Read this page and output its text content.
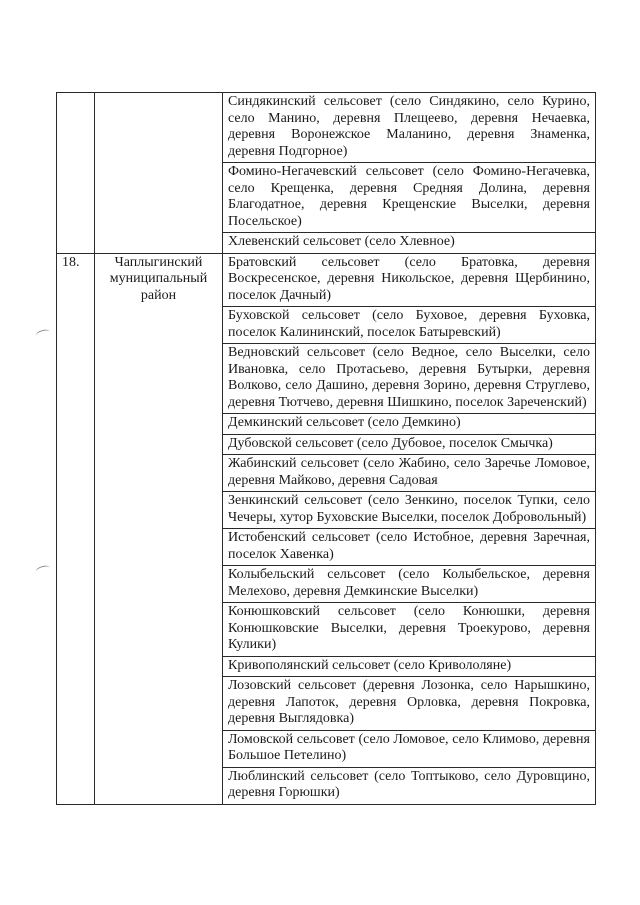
		Синдякинский сельсовет (село Синдякино, село Курино, село Манино, деревня Плещеево, деревня Нечаевка, деревня Воронежское Маланино, деревня Знаменка, деревня Подгорное)
		Фомино-Негачевский сельсовет (село Фомино-Негачевка, село Крещенка, деревня Средняя Долина, деревня Благодатное, деревня Крещенские Выселки, деревня Посельское)
		Хлевенский сельсовет (село Хлевное)
18.	Чаплыгинский муниципальный район	Братовский сельсовет (село Братовка, деревня Воскресенское, деревня Никольское, деревня Щербинино, поселок Дачный)
		Буховской сельсовет (село Буховое, деревня Буховка, поселок Калининский, поселок Батыревский)
		Ведновский сельсовет (село Ведное, село Выселки, село Ивановка, село Протасьево, деревня Бутырки, деревня Волково, село Дашино, деревня Зорино, деревня Струглево, деревня Тютчево, деревня Шишкино, поселок Зареченский)
		Демкинский сельсовет (село Демкино)
		Дубовской сельсовет (село Дубовое, поселок Смычка)
		Жабинский сельсовет (село Жабино, село Заречье Ломовое, деревня Майково, деревня Садовая
		Зенкинский сельсовет (село Зенкино, поселок Тупки, село Чечеры, хутор Буховские Выселки, поселок Добровольный)
		Истобенский сельсовет (село Истобное, деревня Заречная, поселок Хавенка)
		Колыбельский сельсовет (село Колыбельское, деревня Мелехово, деревня Демкинские Выселки)
		Конюшковский сельсовет (село Конюшки, деревня Конюшковские Выселки, деревня Троекурово, деревня Кулики)
		Кривополянский сельсовет (село Кривололяне)
		Лозовский сельсовет (деревня Лозонка, село Нарышкино, деревня Лапоток, деревня Орловка, деревня Покровка, деревня Выглядовка)
		Ломовской сельсовет (село Ломовое, село Климово, деревня Большое Петелино)
		Люблинский сельсовет (село Топтыково, село Дуровщино, деревня Горюшки)
